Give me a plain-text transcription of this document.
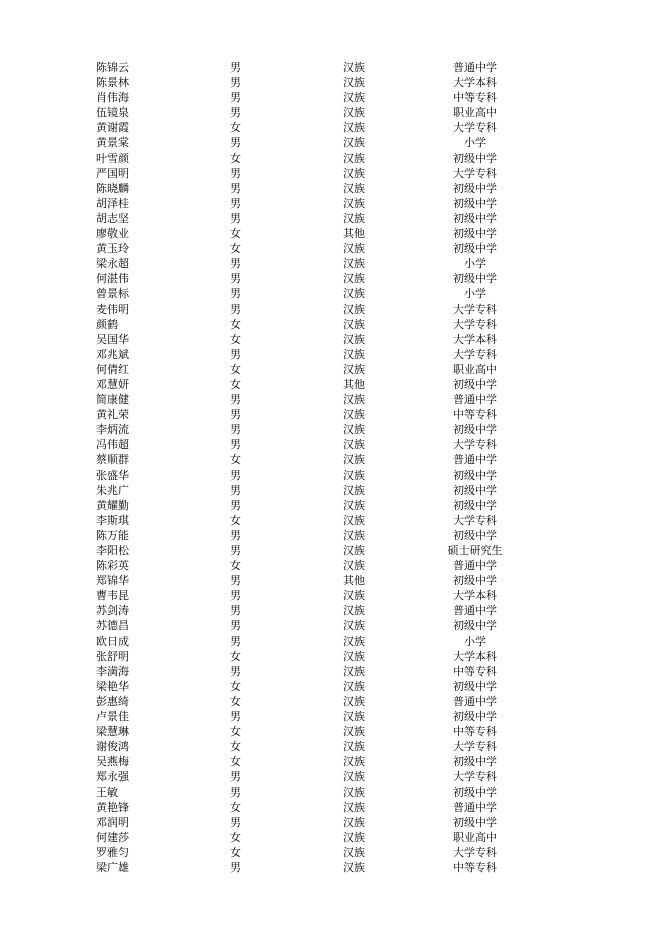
陈锦云	男	汉族	普通中学
陈景林	男	汉族	大学本科
肖伟海	男	汉族	中等专科
伍镜泉	男	汉族	职业高中
黄谢霞	女	汉族	大学专科
黄景棠	男	汉族	小学
叶雪颜	女	汉族	初级中学
严国明	男	汉族	大学专科
陈晓麟	男	汉族	初级中学
胡泽桂	男	汉族	初级中学
胡志坚	男	汉族	初级中学
廖敬业	女	其他	初级中学
黄玉玲	女	汉族	初级中学
梁永超	男	汉族	小学
何湛伟	男	汉族	初级中学
曾景标	男	汉族	小学
麦伟明	男	汉族	大学专科
颜鹤	女	汉族	大学专科
吴国华	女	汉族	大学本科
邓兆斌	男	汉族	大学专科
何倩红	女	汉族	职业高中
邓慧妍	女	其他	初级中学
简康健	男	汉族	普通中学
黄礼荣	男	汉族	中等专科
李炳流	男	汉族	初级中学
冯伟超	男	汉族	大学专科
蔡顺群	女	汉族	普通中学
张盛华	男	汉族	初级中学
朱兆广	男	汉族	初级中学
黄耀勤	男	汉族	初级中学
李斯琪	女	汉族	大学专科
陈万能	男	汉族	初级中学
李阳松	男	汉族	硕士研究生
陈彩英	女	汉族	普通中学
郑锦华	男	其他	初级中学
曹韦昆	男	汉族	大学本科
苏剑涛	男	汉族	普通中学
苏德昌	男	汉族	初级中学
欧日成	男	汉族	小学
张舒明	女	汉族	大学本科
李満海	男	汉族	中等专科
梁艳华	女	汉族	初级中学
彭惠绮	女	汉族	普通中学
卢景佳	男	汉族	初级中学
梁慧琳	女	汉族	中等专科
谢俊鸿	女	汉族	大学专科
吴燕梅	女	汉族	初级中学
郑永强	男	汉族	大学专科
王敏	男	汉族	初级中学
黄艳锋	女	汉族	普通中学
邓润明	男	汉族	初级中学
何建莎	女	汉族	职业高中
罗雅匀	女	汉族	大学专科
梁广雄	男	汉族	中等专科
